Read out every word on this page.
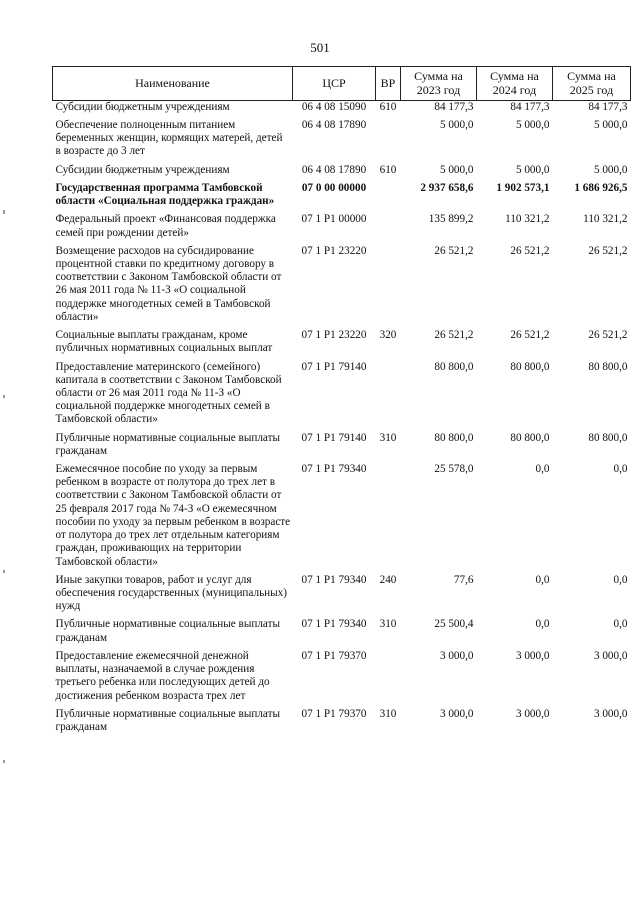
501
Наименование	ЦСР	ВР	Сумма на 2023 год	Сумма на 2024 год	Сумма на 2025 год
Субсидии бюджетным учреждениям	06 4 08 15090	610	84 177,3	84 177,3	84 177,3
Обеспечение полноценным питанием беременных женщин, кормящих матерей, детей в возрасте до 3 лет	06 4 08 17890		5 000,0	5 000,0	5 000,0
Субсидии бюджетным учреждениям	06 4 08 17890	610	5 000,0	5 000,0	5 000,0
Государственная программа Тамбовской области «Социальная поддержка граждан»	07 0 00 00000		2 937 658,6	1 902 573,1	1 686 926,5
Федеральный проект «Финансовая поддержка семей при рождении детей»	07 1 P1 00000		135 899,2	110 321,2	110 321,2
Возмещение расходов на субсидирование процентной ставки по кредитному договору в соответствии с Законом Тамбовской области от 26 мая 2011 года № 11-З «О социальной поддержке многодетных семей в Тамбовской области»	07 1 P1 23220		26 521,2	26 521,2	26 521,2
Социальные выплаты гражданам, кроме публичных нормативных социальных выплат	07 1 P1 23220	320	26 521,2	26 521,2	26 521,2
Предоставление материнского (семейного) капитала в соответствии с Законом Тамбовской области от 26 мая 2011 года № 11-З «О социальной поддержке многодетных семей в Тамбовской области»	07 1 P1 79140		80 800,0	80 800,0	80 800,0
Публичные нормативные социальные выплаты гражданам	07 1 P1 79140	310	80 800,0	80 800,0	80 800,0
Ежемесячное пособие по уходу за первым ребенком в возрасте от полутора до трех лет в соответствии с Законом Тамбовской области от 25 февраля 2017 года № 74-З «О ежемесячном пособии по уходу за первым ребенком в возрасте от полутора до трех лет отдельным категориям граждан, проживающих на территории Тамбовской области»	07 1 P1 79340		25 578,0	0,0	0,0
Иные закупки товаров, работ и услуг для обеспечения государственных (муниципальных) нужд	07 1 P1 79340	240	77,6	0,0	0,0
Публичные нормативные социальные выплаты гражданам	07 1 P1 79340	310	25 500,4	0,0	0,0
Предоставление ежемесячной денежной выплаты, назначаемой в случае рождения третьего ребенка или последующих детей до достижения ребенком возраста трех лет	07 1 P1 79370		3 000,0	3 000,0	3 000,0
Публичные нормативные социальные выплаты гражданам	07 1 P1 79370	310	3 000,0	3 000,0	3 000,0
